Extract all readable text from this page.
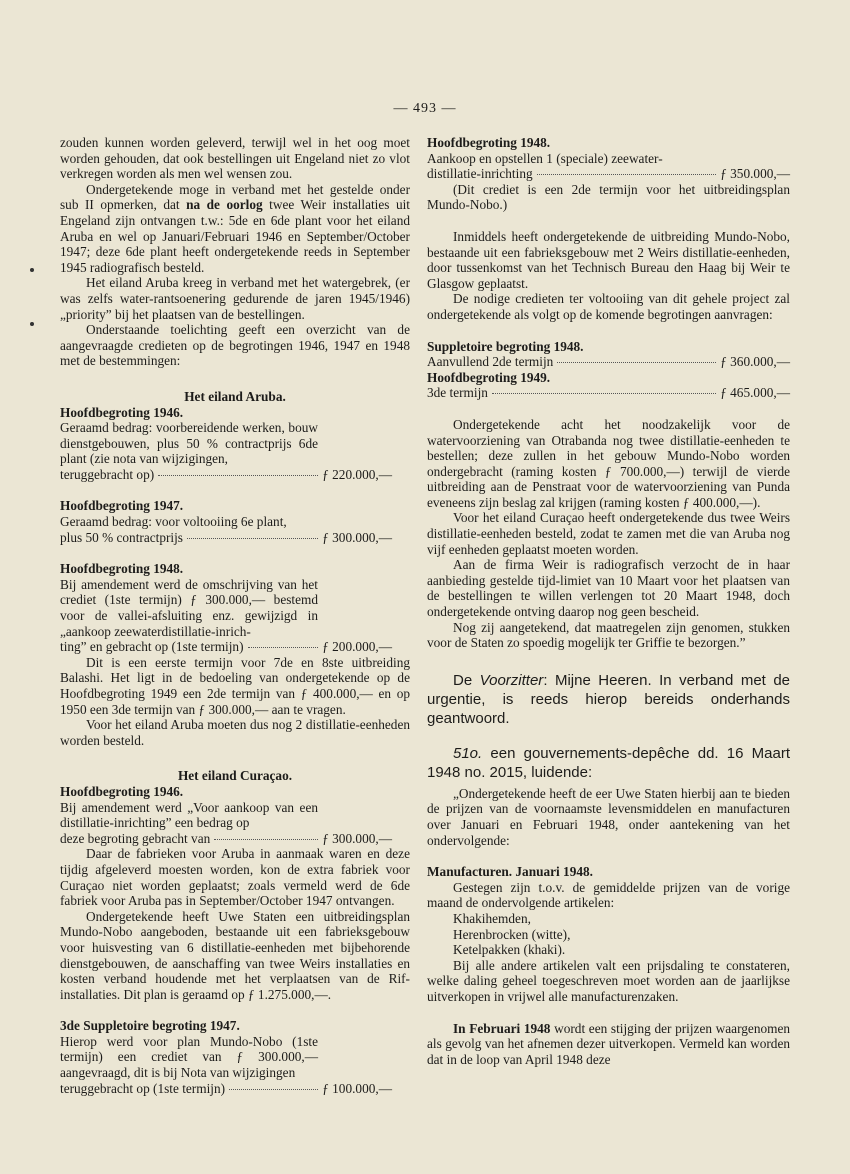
— 493 —

zouden kunnen worden geleverd, terwijl wel in het oog moet worden gehouden, dat ook bestellingen uit Engeland niet zo vlot verkregen worden als men wel wensen zou.

Ondergetekende moge in verband met het gestelde onder sub II opmerken, dat na de oorlog twee Weir installaties uit Engeland zijn ontvangen t.w.: 5de en 6de plant voor het eiland Aruba en wel op Januari/Februari 1946 en September/October 1947; deze 6de plant heeft ondergetekende reeds in September 1945 radiografisch besteld.

Het eiland Aruba kreeg in verband met het watergebrek, (er was zelfs water-rantsoenering gedurende de jaren 1945/1946) „priority” bij het plaatsen van de bestellingen.

Onderstaande toelichting geeft een overzicht van de aangevraagde credieten op de begrotingen 1946, 1947 en 1948 met de bestemmingen:

Het eiland Aruba.

Hoofdbegroting 1946.

Geraamd bedrag: voorbereidende werken, bouw dienstgebouwen, plus 50 % contractprijs 6de plant (zie nota van wijzigingen,

teruggebracht op)	ƒ 220.000,—

Hoofdbegroting 1947.

Geraamd bedrag: voor voltooiing 6e plant,

plus 50 % contractprijs	ƒ 300.000,—

Hoofdbegroting 1948.

Bij amendement werd de omschrijving van het crediet (1ste termijn) ƒ 300.000,— bestemd voor de vallei-afsluiting enz. gewijzigd in „aankoop zeewaterdistillatie-inrich-

ting” en gebracht op (1ste termijn)	ƒ 200.000,—

Dit is een eerste termijn voor 7de en 8ste uitbreiding Balashi. Het ligt in de bedoeling van ondergetekende op de Hoofdbegroting 1949 een 2de termijn van ƒ 400.000,— en op 1950 een 3de termijn van ƒ 300.000,— aan te vragen.

Voor het eiland Aruba moeten dus nog 2 distillatie-eenheden worden besteld.

Het eiland Curaçao.

Hoofdbegroting 1946.

Bij amendement werd „Voor aankoop van een distillatie-inrichting” een bedrag op

deze begroting gebracht van	ƒ 300.000,—

Daar de fabrieken voor Aruba in aanmaak waren en deze tijdig afgeleverd moesten worden, kon de extra fabriek voor Curaçao niet worden geplaatst; zoals vermeld werd de 6de fabriek voor Aruba pas in September/October 1947 ontvangen.

Ondergetekende heeft Uwe Staten een uitbreidingsplan Mundo-Nobo aangeboden, bestaande uit een fabrieksgebouw voor huisvesting van 6 distillatie-eenheden met bijbehorende dienstgebouwen, de aanschaffing van twee Weirs installaties en kosten verband houdende met het verplaatsen van de Rif-installaties. Dit plan is geraamd op ƒ 1.275.000,—.

3de Suppletoire begroting 1947.

Hierop werd voor plan Mundo-Nobo (1ste termijn) een crediet van ƒ 300.000,— aangevraagd, dit is bij Nota van wijzigingen

teruggebracht op (1ste termijn)	ƒ 100.000,—

Hoofdbegroting 1948.

Aankoop en opstellen 1 (speciale) zeewater-

distillatie-inrichting	ƒ 350.000,—

(Dit crediet is een 2de termijn voor het uitbreidingsplan Mundo-Nobo.)

Inmiddels heeft ondergetekende de uitbreiding Mundo-Nobo, bestaande uit een fabrieksgebouw met 2 Weirs distillatie-eenheden, door tussenkomst van het Technisch Bureau den Haag bij Weir te Glasgow geplaatst.

De nodige credieten ter voltooiing van dit gehele project zal ondergetekende als volgt op de komende begrotingen aanvragen:

Suppletoire begroting 1948.

Aanvullend 2de termijn	ƒ 360.000,—

Hoofdbegroting 1949.

3de termijn	ƒ 465.000,—

Ondergetekende acht het noodzakelijk voor de watervoorziening van Otrabanda nog twee distillatie-eenheden te bestellen; deze zullen in het gebouw Mundo-Nobo worden ondergebracht (raming kosten ƒ 700.000,—) terwijl de vierde uitbreiding aan de Penstraat voor de watervoorziening van Punda eveneens zijn beslag zal krijgen (raming kosten ƒ 400.000,—).

Voor het eiland Curaçao heeft ondergetekende dus twee Weirs distillatie-eenheden besteld, zodat te zamen met die van Aruba nog vijf eenheden geplaatst moeten worden.

Aan de firma Weir is radiografisch verzocht de in haar aanbieding gestelde tijd-limiet van 10 Maart voor het plaatsen van de bestellingen te willen verlengen tot 20 Maart 1948, doch ondergetekende ontving daarop nog geen bescheid.

Nog zij aangetekend, dat maatregelen zijn genomen, stukken voor de Staten zo spoedig mogelijk ter Griffie te bezorgen.”

De Voorzitter: Mijne Heeren. In verband met de urgentie, is reeds hierop bereids onderhands geantwoord.

51o. een gouvernements-depêche dd. 16 Maart 1948 no. 2015, luidende:

„Ondergetekende heeft de eer Uwe Staten hierbij aan te bieden de prijzen van de voornaamste levensmiddelen en manufacturen over Januari en Februari 1948, onder aantekening van het ondervolgende:

Manufacturen. Januari 1948.

Gestegen zijn t.o.v. de gemiddelde prijzen van de vorige maand de ondervolgende artikelen:

Khakihemden,

Herenbrocken (witte),

Ketelpakken (khaki).

Bij alle andere artikelen valt een prijsdaling te constateren, welke daling geheel toegeschreven moet worden aan de jaarlijkse uitverkopen in vrijwel alle manufacturenzaken.

In Februari 1948 wordt een stijging der prijzen waargenomen als gevolg van het afnemen dezer uitverkopen. Vermeld kan worden dat in de loop van April 1948 deze
